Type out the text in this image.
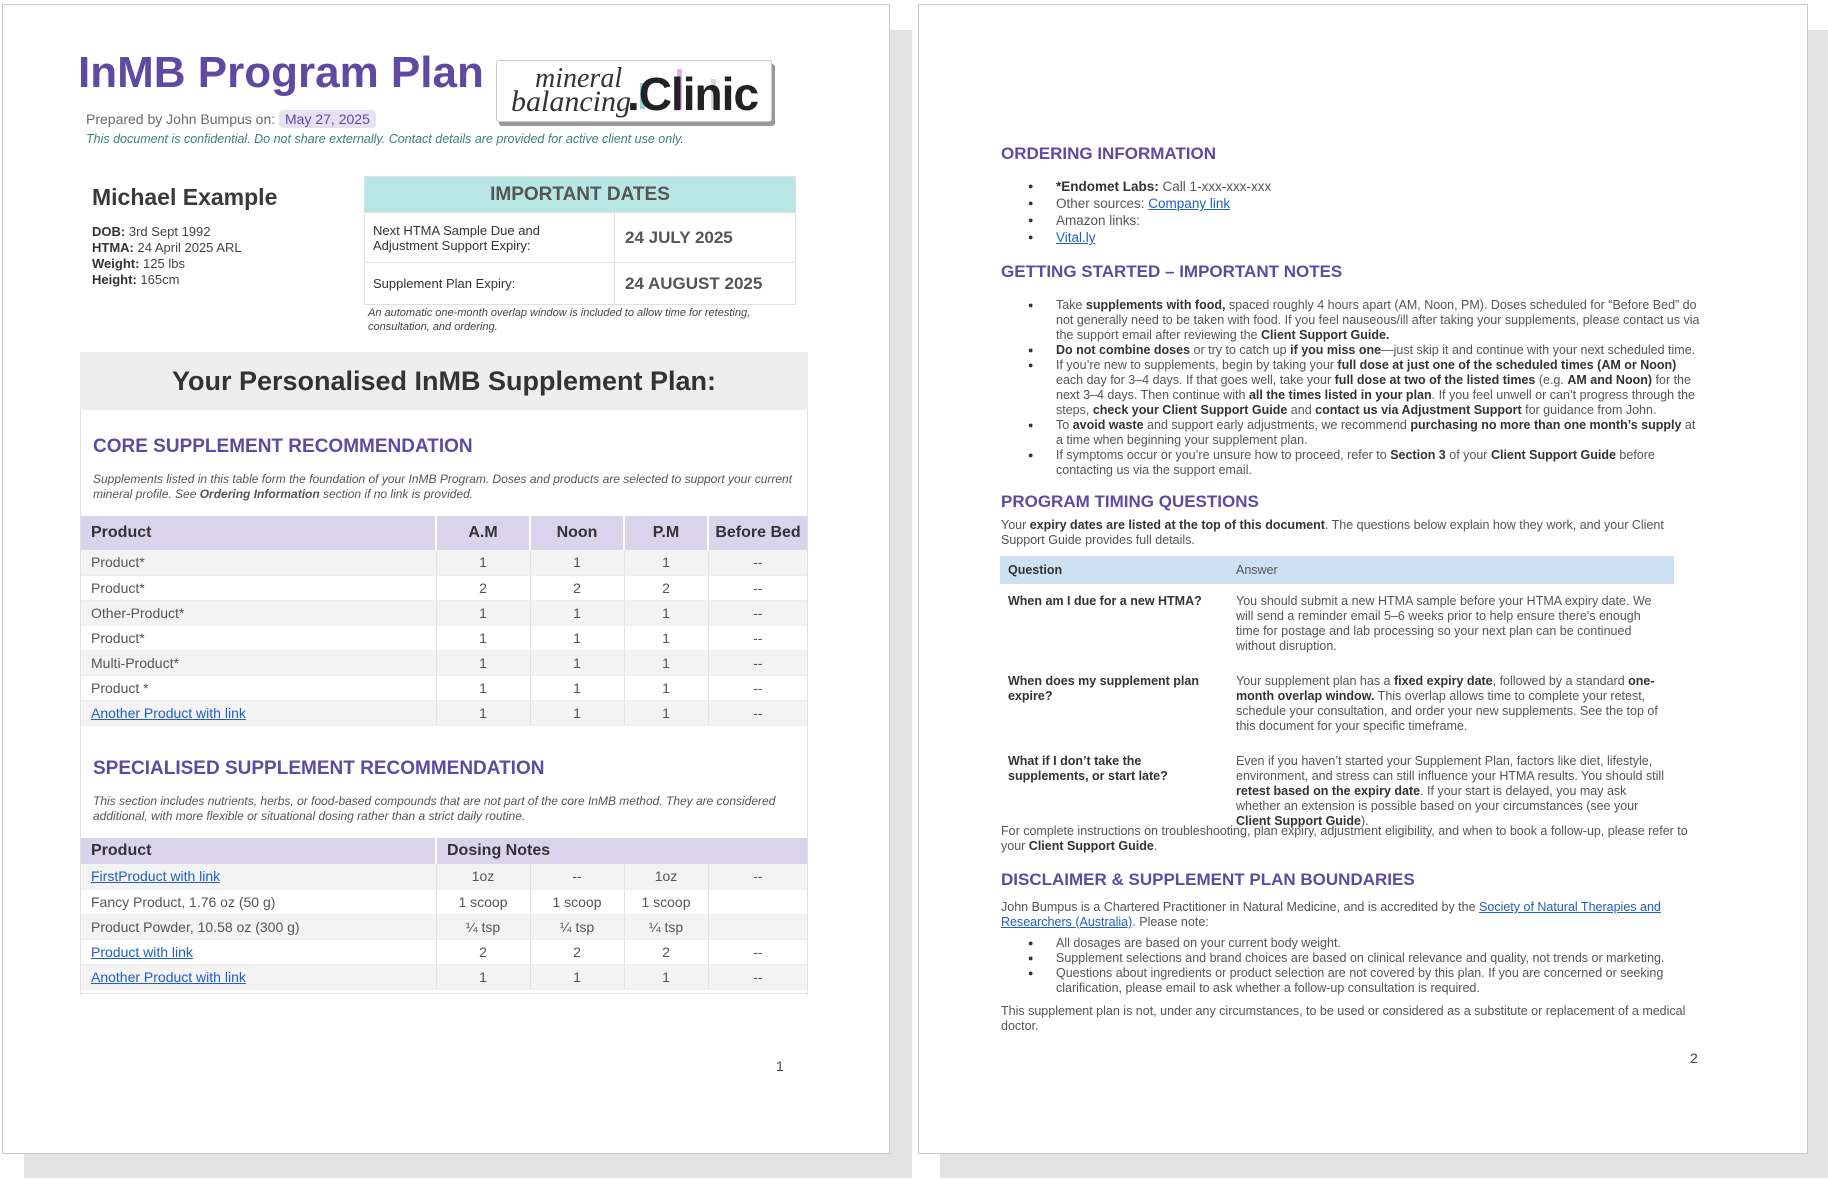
InMB Program Plan mineral
balancing
.Clinic
Prepared by John Bumpus on: May 27, 2025
This document is confidential. Do not share externally. Contact details are provided for active client use only.
Michael Example
DOB: 3rd Sept 1992
HTMA: 24 April 2025 ARL
Weight: 125 lbs
Height: 165cm
IMPORTANT DATES	
Next HTMA Sample Due and Adjustment Support Expiry:	24 JULY 2025
Supplement Plan Expiry:	24 AUGUST 2025
An automatic one-month overlap window is included to allow time for retesting, consultation, and ordering.
Your Personalised InMB Supplement Plan:
CORE SUPPLEMENT RECOMMENDATION
Supplements listed in this table form the foundation of your InMB Program. Doses and products are selected to support your current mineral profile. See Ordering Information section if no link is provided.
Product	A.M	Noon	P.M	Before Bed
Product*	1	1	1	--
Product*	2	2	2	--
Other-Product*	1	1	1	--
Product*	1	1	1	--
Multi-Product*	1	1	1	--
Product *	1	1	1	--
Another Product with link	1	1	1	--
SPECIALISED SUPPLEMENT RECOMMENDATION
This section includes nutrients, herbs, or food-based compounds that are not part of the core InMB method. They are considered additional, with more flexible or situational dosing rather than a strict daily routine.
Product	Dosing Notes			
FirstProduct with link	1oz	--	1oz	--
Fancy Product, 1.76 oz (50 g)	1 scoop	1 scoop	1 scoop	
Product Powder, 10.58 oz (300 g)	¼ tsp	¼ tsp	¼ tsp	
Product with link	2	2	2	--
Another Product with link	1	1	1	--
1
ORDERING INFORMATION
● *Endomet Labs: Call 1-xxx-xxx-xxx
● Other sources: Company link
● Amazon links:
● Vital.ly
GETTING STARTED – IMPORTANT NOTES
● Take supplements with food, spaced roughly 4 hours apart (AM, Noon, PM). Doses scheduled for “Before Bed” do not generally need to be taken with food. If you feel nauseous/ill after taking your supplements, please contact us via the support email after reviewing the Client Support Guide.
● Do not combine doses or try to catch up if you miss one—just skip it and continue with your next scheduled time.
● If you’re new to supplements, begin by taking your full dose at just one of the scheduled times (AM or Noon) each day for 3–4 days. If that goes well, take your full dose at two of the listed times (e.g. AM and Noon) for the next 3–4 days. Then continue with all the times listed in your plan. If you feel unwell or can’t progress through the steps, check your Client Support Guide and contact us via Adjustment Support for guidance from John.
● To avoid waste and support early adjustments, we recommend purchasing no more than one month’s supply at a time when beginning your supplement plan.
● If symptoms occur or you’re unsure how to proceed, refer to Section 3 of your Client Support Guide before contacting us via the support email.
PROGRAM TIMING QUESTIONS
Your expiry dates are listed at the top of this document. The questions below explain how they work, and your Client Support Guide provides full details.
Question	Answer
When am I due for a new HTMA?	You should submit a new HTMA sample before your HTMA expiry date. We will send a reminder email 5–6 weeks prior to help ensure there's enough time for postage and lab processing so your next plan can be continued without disruption.
When does my supplement plan expire?	Your supplement plan has a fixed expiry date, followed by a standard one-month overlap window. This overlap allows time to complete your retest, schedule your consultation, and order your new supplements. See the top of this document for your specific timeframe.
What if I don’t take the supplements, or start late?	Even if you haven’t started your Supplement Plan, factors like diet, lifestyle, environment, and stress can still influence your HTMA results. You should still retest based on the expiry date. If your start is delayed, you may ask whether an extension is possible based on your circumstances (see your Client Support Guide).
For complete instructions on troubleshooting, plan expiry, adjustment eligibility, and when to book a follow-up, please refer to your Client Support Guide.
DISCLAIMER & SUPPLEMENT PLAN BOUNDARIES
John Bumpus is a Chartered Practitioner in Natural Medicine, and is accredited by the Society of Natural Therapies and Researchers (Australia). Please note:
● All dosages are based on your current body weight.
● Supplement selections and brand choices are based on clinical relevance and quality, not trends or marketing.
● Questions about ingredients or product selection are not covered by this plan. If you are concerned or seeking clarification, please email to ask whether a follow-up consultation is required.
This supplement plan is not, under any circumstances, to be used or considered as a substitute or replacement of a medical doctor.
2
